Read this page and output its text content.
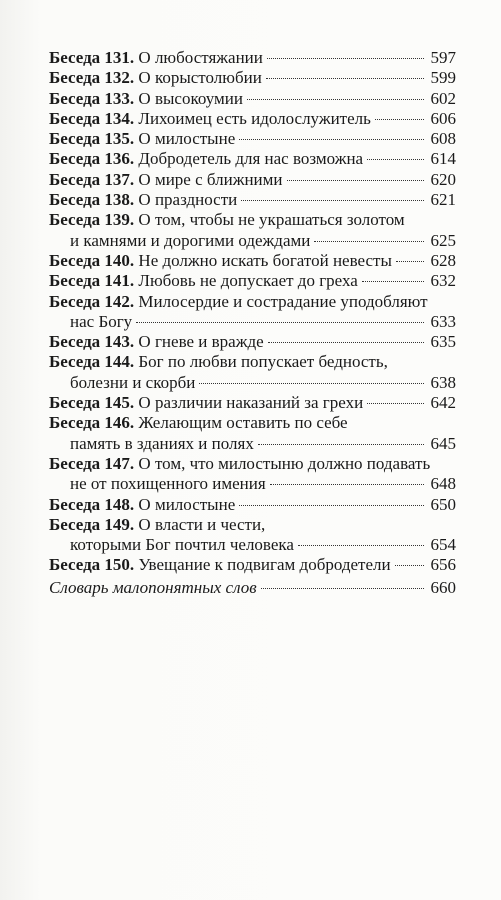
Беседа 131.
О любостяжании	597
Беседа 132.
О корыстолюбии	599
Беседа 133.
О высокоумии	602
Беседа 134.
Лихоимец есть идолослужитель	606
Беседа 135.
О милостыне	608
Беседа 136.
Добродетель для нас возможна	614
Беседа 137.
О мире с ближними	620
Беседа 138.
О праздности	621
Беседа 139.
О том, чтобы не украшаться золотом
и камнями и дорогими одеждами	625
Беседа 140.
Не должно искать богатой невесты 628
Беседа 141.
Любовь не допускает до греха	632
Беседа 142.
Милосердие и сострадание уподобляют
нас Богу	633
Беседа 143.
О гневе и вражде	635
Беседа 144.
Бог по любви попускает бедность,
болезни и скорби	638
Беседа 145.
О различии наказаний за грехи	642
Беседа 146.
Желающим оставить по себе
память в зданиях и полях	645
Беседа 147.
О том, что милостыню должно подавать
не от похищенного имения	648
Беседа 148.
О милостыне	650
Беседа 149.
О власти и чести,
которыми Бог почтил человека	654
Беседа 150.
Увещание к подвигам добродетели 656
Словарь малопонятных слов	660
